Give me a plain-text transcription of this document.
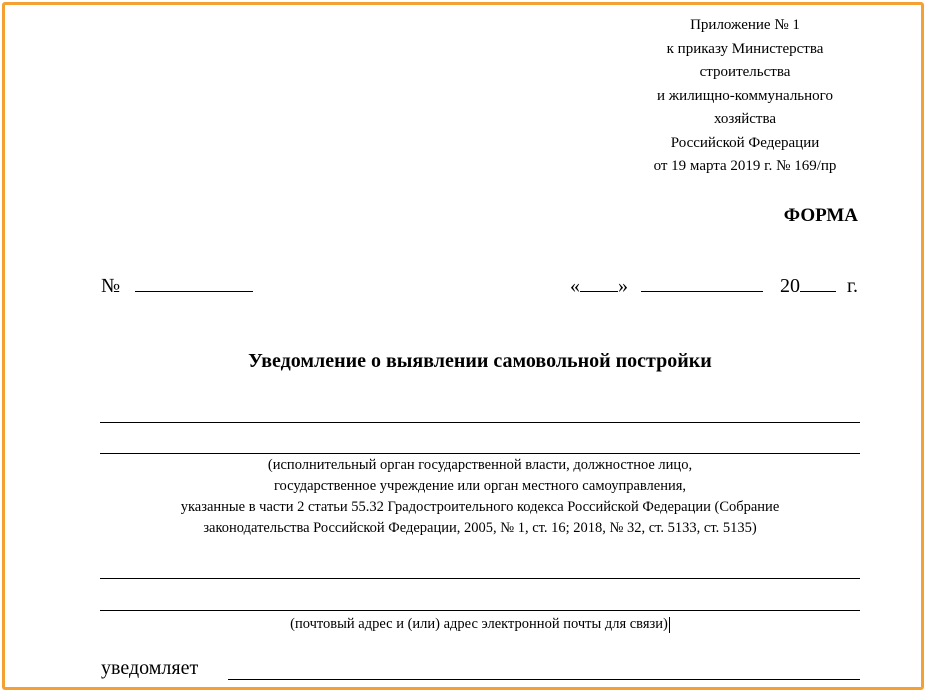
Приложение № 1
к приказу Министерства
строительства
и жилищно-коммунального
хозяйства
Российской Федерации
от 19 марта 2019 г. № 169/пр
ФОРМА
№	« »	20 г.
Уведомление о выявлении самовольной постройки
(исполнительный орган государственной власти, должностное лицо,
государственное учреждение или орган местного самоуправления,
указанные в части 2 статьи 55.32 Градостроительного кодекса Российской Федерации (Собрание
законодательства Российской Федерации, 2005, № 1, ст. 16; 2018, № 32, ст. 5133, ст. 5135)
(почтовый адрес и (или) адрес электронной почты для связи)
уведомляет
